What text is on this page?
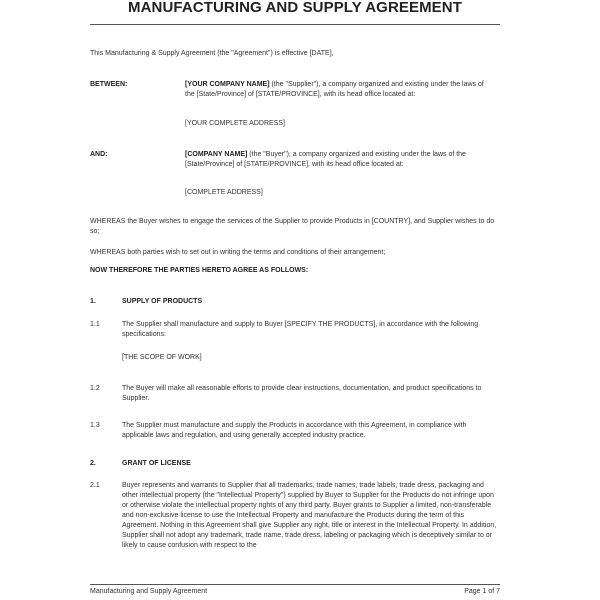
MANUFACTURING AND SUPPLY AGREEMENT
This Manufacturing & Supply Agreement (the "Agreement") is effective [DATE],
BETWEEN:	[YOUR COMPANY NAME] (the "Supplier"), a company organized and existing under the laws of the [State/Province] of [STATE/PROVINCE], with its head office located at:
[YOUR COMPLETE ADDRESS]
AND:	[COMPANY NAME] (the "Buyer"), a company organized and existing under the laws of the [State/Province] of [STATE/PROVINCE], with its head office located at:
[COMPLETE ADDRESS]
WHEREAS the Buyer wishes to engage the services of the Supplier to provide Products in [COUNTRY], and Supplier wishes to do so;
WHEREAS both parties wish to set out in writing the terms and conditions of their arrangement;
NOW THEREFORE THE PARTIES HERETO AGREE AS FOLLOWS:
1.	SUPPLY OF PRODUCTS
1.1	The Supplier shall manufacture and supply to Buyer [SPECIFY THE PRODUCTS], in accordance with the following specifications:
[THE SCOPE OF WORK]
1.2	The Buyer will make all reasonable efforts to provide clear instructions, documentation, and product specifications to Supplier.
1.3	The Supplier must manufacture and supply the Products in accordance with this Agreement, in compliance with applicable laws and regulation, and using generally accepted industry practice.
2.	GRANT OF LICENSE
2.1	Buyer represents and warrants to Supplier that all trademarks, trade names, trade labels, trade dress, packaging and other intellectual property (the "Intellectual Property") supplied by Buyer to Supplier for the Products do not infringe upon or otherwise violate the intellectual property rights of any third party. Buyer grants to Supplier a limited, non-transferable and non-exclusive license to use the Intellectual Property and manufacture the Products during the term of this Agreement. Nothing in this Agreement shall give Supplier any right, title or interest in the Intellectual Property. In addition, Supplier shall not adopt any trademark, trade name, trade dress, labeling or packaging which is deceptively similar to or likely to cause confusion with respect to the
Manufacturing and Supply Agreement	Page 1 of 7
